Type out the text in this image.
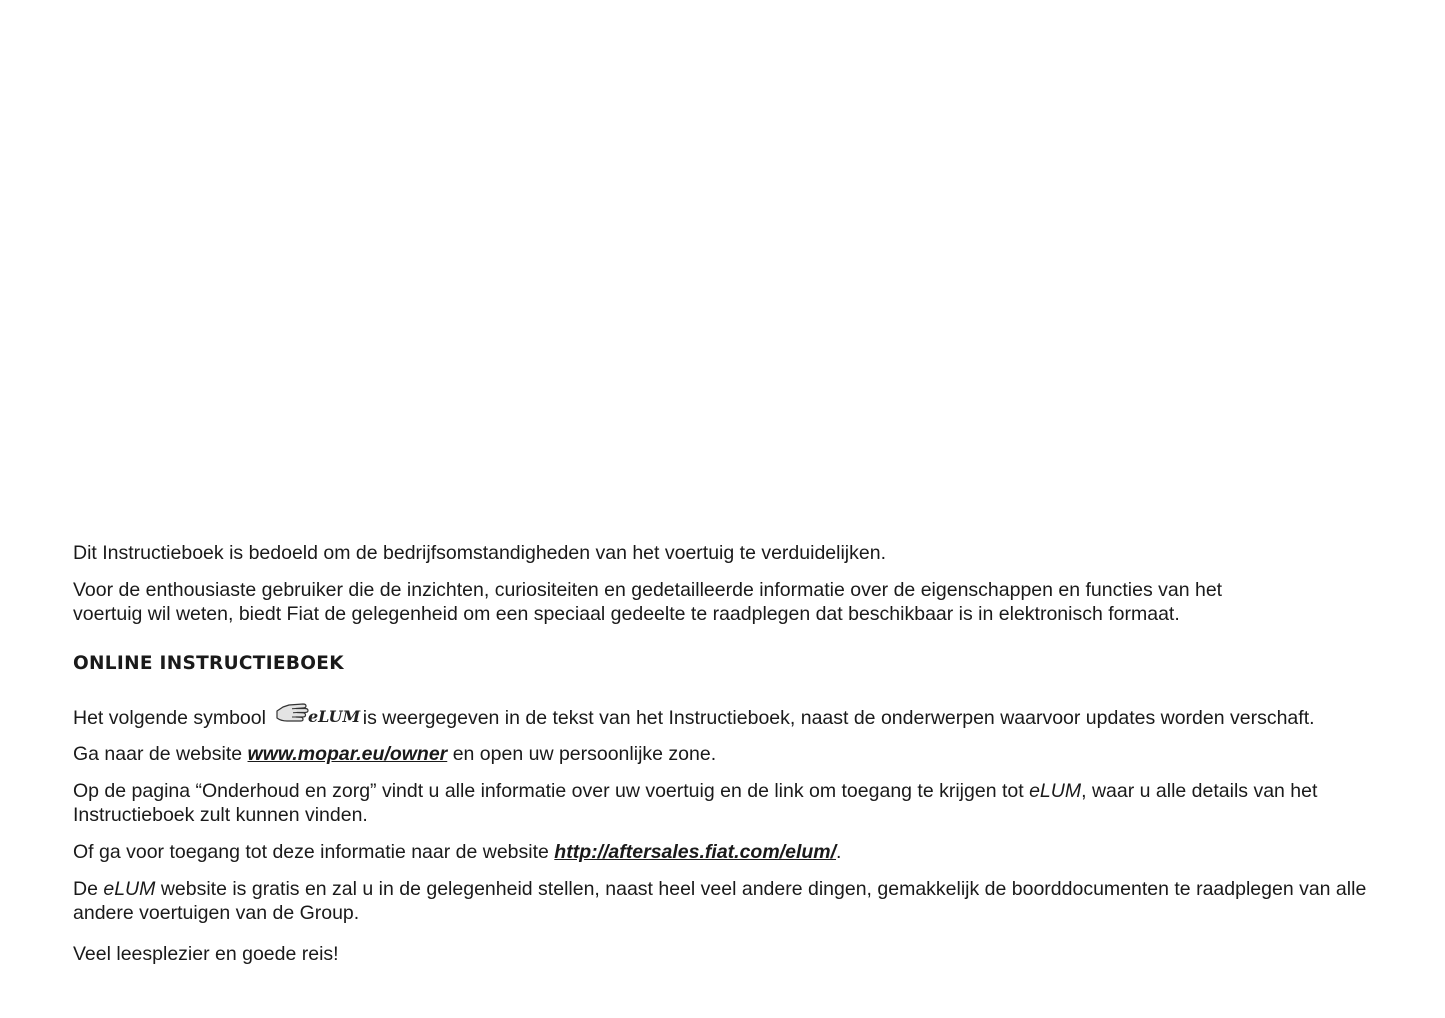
Dit Instructieboek is bedoeld om de bedrijfsomstandigheden van het voertuig te verduidelijken.

Voor de enthousiaste gebruiker die de inzichten, curiositeiten en gedetailleerde informatie over de eigenschappen en functies van het
voertuig wil weten, biedt Fiat de gelegenheid om een speciaal gedeelte te raadplegen dat beschikbaar is in elektronisch formaat.

ONLINE INSTRUCTIEBOEK

Het volgende symbool	eLUM is weergegeven in de tekst van het Instructieboek, naast de onderwerpen waarvoor updates worden verschaft.

Ga naar de website www.mopar.eu/owner en open uw persoonlijke zone.

Op de pagina “Onderhoud en zorg” vindt u alle informatie over uw voertuig en de link om toegang te krijgen tot eLUM, waar u alle details van het
Instructieboek zult kunnen vinden.

Of ga voor toegang tot deze informatie naar de website http://aftersales.fiat.com/elum/.

De eLUM website is gratis en zal u in de gelegenheid stellen, naast heel veel andere dingen, gemakkelijk de boorddocumenten te raadplegen van alle
andere voertuigen van de Group.

Veel leesplezier en goede reis!
